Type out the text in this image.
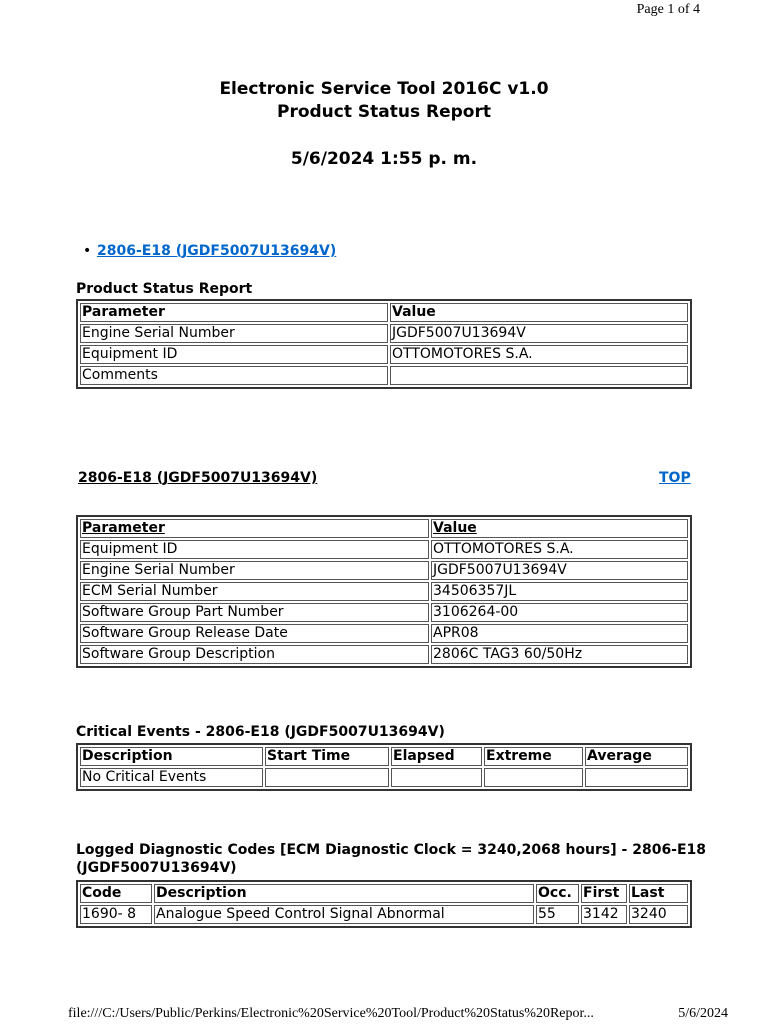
Page 1 of 4
Electronic Service Tool 2016C v1.0
Product Status Report
5/6/2024 1:55 p. m.
• 2806-E18 (JGDF5007U13694V)
Product Status Report
Parameter	Value
Engine Serial Number	JGDF5007U13694V
Equipment ID	OTTOMOTORES S.A.
Comments	
2806-E18 (JGDF5007U13694V)	TOP
Parameter	Value
Equipment ID	OTTOMOTORES S.A.
Engine Serial Number	JGDF5007U13694V
ECM Serial Number	34506357JL
Software Group Part Number	3106264-00
Software Group Release Date	APR08
Software Group Description	2806C TAG3 60/50Hz
Critical Events - 2806-E18 (JGDF5007U13694V)
Description	Start Time	Elapsed	Extreme	Average
No Critical Events				
Logged Diagnostic Codes [ECM Diagnostic Clock = 3240,2068 hours] - 2806-E18
(JGDF5007U13694V)
Code	Description	Occ.	First	Last
1690- 8	Analogue Speed Control Signal Abnormal	55	3142	3240
file:///C:/Users/Public/Perkins/Electronic%20Service%20Tool/Product%20Status%20Repor...	5/6/2024
